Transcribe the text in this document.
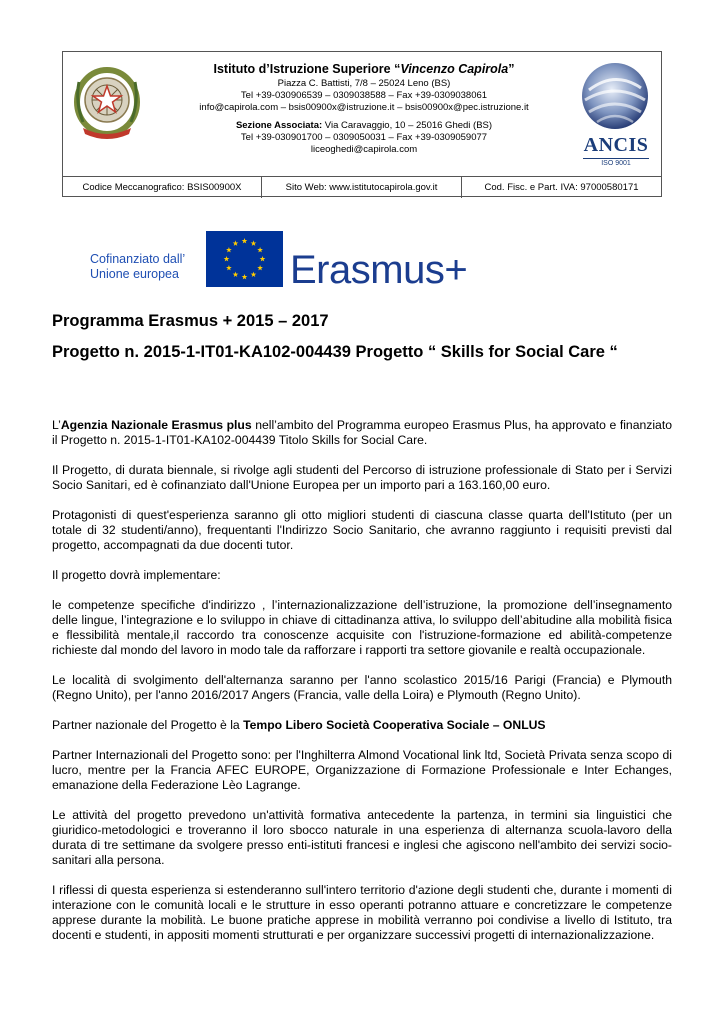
Istituto d’Istruzione Superiore “Vincenzo Capirola”
Piazza C. Battisti, 7/8 – 25024 Leno (BS)
Tel +39-030906539 – 0309038588 – Fax +39-0309038061
info@capirola.com – bsis00900x@istruzione.it – bsis00900x@pec.istruzione.it
Sezione Associata: Via Caravaggio, 10 – 25016 Ghedi (BS)
Tel +39-030901700 – 0309050031 – Fax +39-0309059077
liceoghedi@capirola.com	ANCIS
ISO 9001
Codice Meccanografico: BSIS00900X	Sito Web: www.istitutocapirola.gov.it	Cod. Fisc. e Part. IVA: 97000580171
Cofinanziato dall’
Unione europea	Erasmus+
Programma Erasmus + 2015 – 2017
Progetto n. 2015-1-IT01-KA102-004439 Progetto “ Skills for Social Care “

L’Agenzia Nazionale Erasmus plus nell’ambito del Programma europeo Erasmus Plus, ha approvato e finanziato il Progetto n. 2015-1-IT01-KA102-004439 Titolo Skills for Social Care.

Il Progetto, di durata biennale, si rivolge agli studenti del Percorso di istruzione professionale di Stato per i Servizi Socio Sanitari, ed è cofinanziato dall'Unione Europea per un importo pari a 163.160,00 euro.

Protagonisti di quest'esperienza saranno gli otto migliori studenti di ciascuna classe quarta dell'Istituto (per un totale di 32 studenti/anno), frequentanti l'Indirizzo Socio Sanitario, che avranno raggiunto i requisiti previsti dal progetto, accompagnati da due docenti tutor.

Il progetto dovrà implementare:

le competenze specifiche d'indirizzo , l’internazionalizzazione dell’istruzione, la promozione dell’insegnamento delle lingue, l’integrazione e lo sviluppo in chiave di cittadinanza attiva, lo sviluppo dell’abitudine alla mobilità fisica e flessibilità mentale,il raccordo tra conoscenze acquisite con l'istruzione-formazione ed abilità-competenze richieste dal mondo del lavoro in modo tale da rafforzare i rapporti tra settore giovanile e realtà occupazionale.

Le località di svolgimento dell'alternanza saranno per l'anno scolastico 2015/16 Parigi (Francia) e Plymouth (Regno Unito), per l'anno 2016/2017 Angers (Francia, valle della Loira) e Plymouth (Regno Unito).

Partner nazionale del Progetto è la Tempo Libero Società Cooperativa Sociale – ONLUS

Partner Internazionali del Progetto sono: per l'Inghilterra Almond Vocational link ltd, Società Privata senza scopo di lucro, mentre per la Francia AFEC EUROPE, Organizzazione di Formazione Professionale e Inter Echanges, emanazione della Federazione Lèo Lagrange.

Le attività del progetto prevedono un'attività formativa antecedente la partenza, in termini sia linguistici che giuridico-metodologici e troveranno il loro sbocco naturale in una esperienza di alternanza scuola-lavoro della durata di tre settimane da svolgere presso enti-istituti francesi e inglesi che agiscono nell'ambito dei servizi socio-sanitari alla persona.

I riflessi di questa esperienza si estenderanno sull'intero territorio d'azione degli studenti che, durante i momenti di interazione con le comunità locali e le strutture in esso operanti potranno attuare e concretizzare le competenze apprese durante la mobilità. Le buone pratiche apprese in mobilità verranno poi condivise a livello di Istituto, tra docenti e studenti, in appositi momenti strutturati e per organizzare successivi progetti di internazionalizzazione.
